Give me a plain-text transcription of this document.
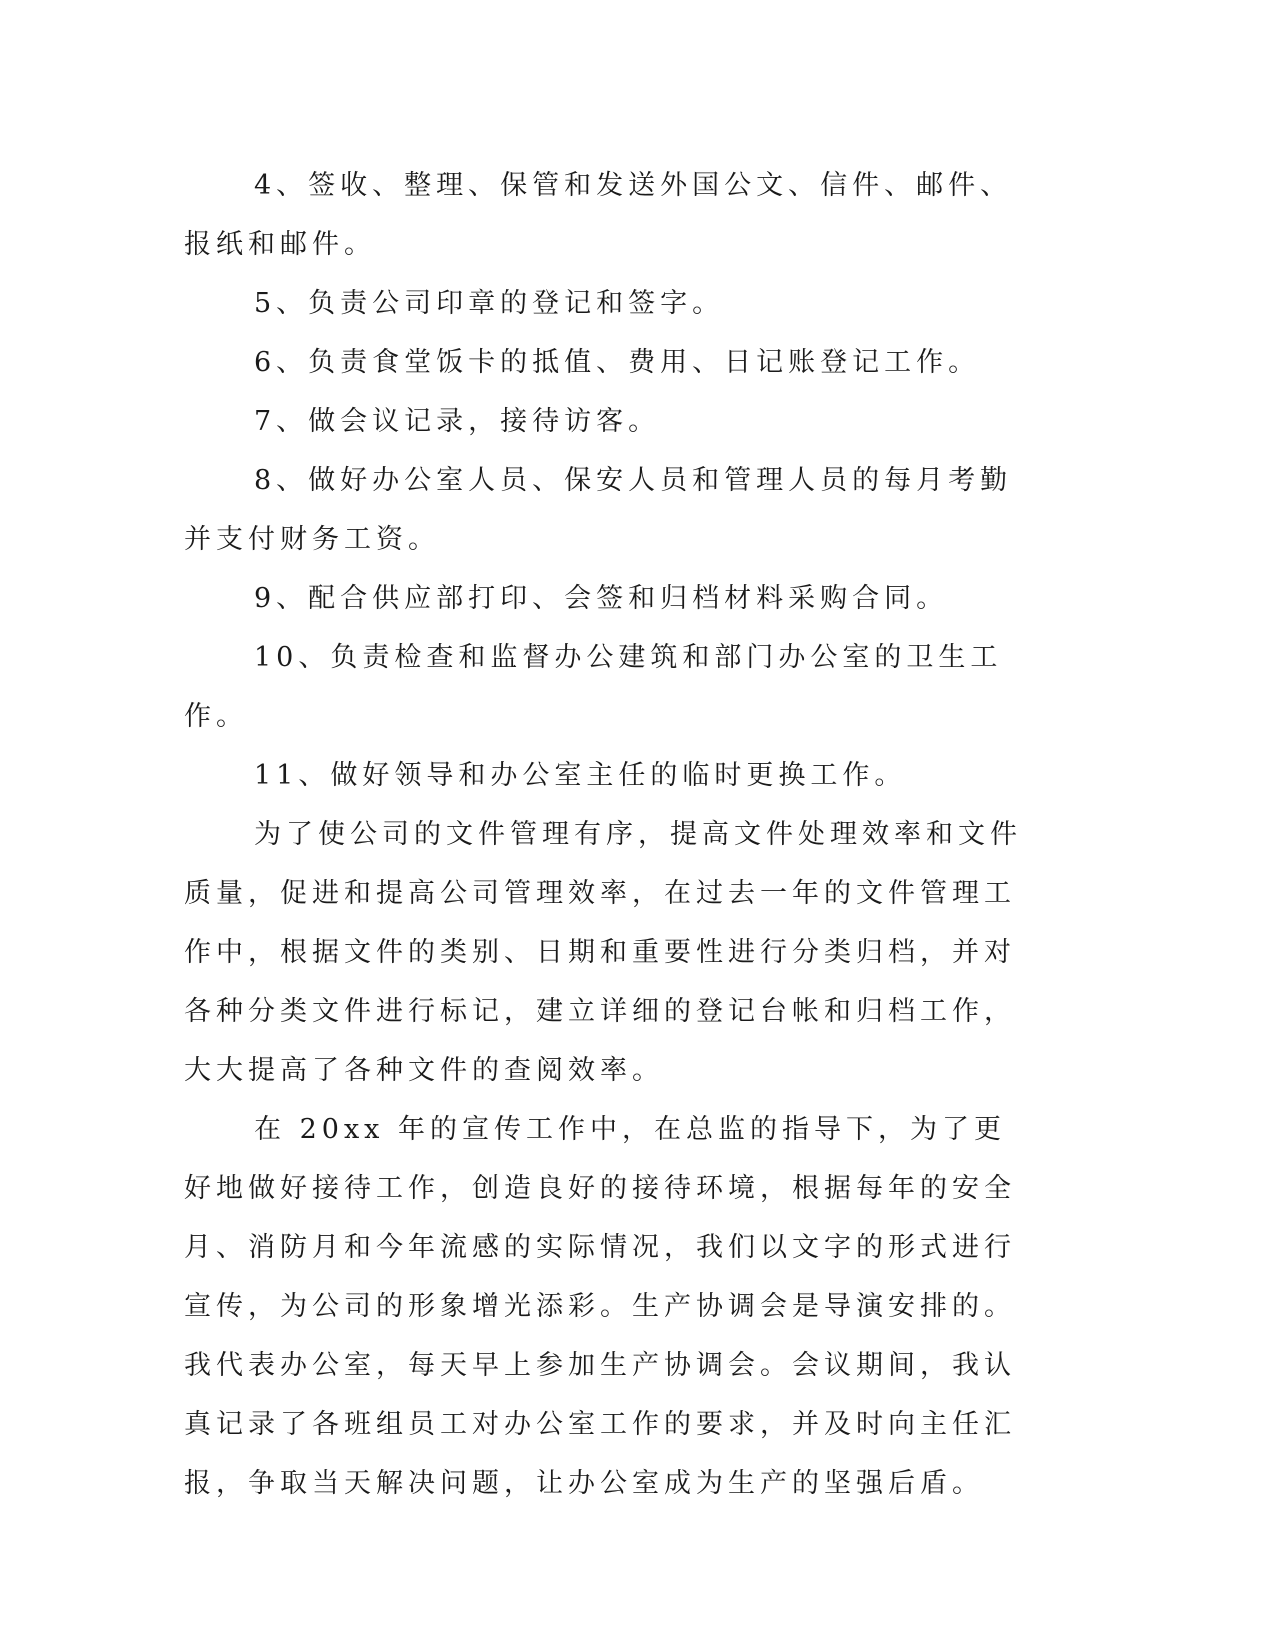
4、签收、整理、保管和发送外国公文、信件、邮件、报纸和邮件。

5、负责公司印章的登记和签字。

6、负责食堂饭卡的抵值、费用、日记账登记工作。

7、做会议记录，接待访客。

8、做好办公室人员、保安人员和管理人员的每月考勤并支付财务工资。

9、配合供应部打印、会签和归档材料采购合同。

10、负责检查和监督办公建筑和部门办公室的卫生工作。

11、做好领导和办公室主任的临时更换工作。

为了使公司的文件管理有序，提高文件处理效率和文件质量，促进和提高公司管理效率，在过去一年的文件管理工作中，根据文件的类别、日期和重要性进行分类归档，并对各种分类文件进行标记，建立详细的登记台帐和归档工作，大大提高了各种文件的查阅效率。

在 20xx 年的宣传工作中，在总监的指导下，为了更好地做好接待工作，创造良好的接待环境，根据每年的安全月、消防月和今年流感的实际情况，我们以文字的形式进行宣传，为公司的形象增光添彩。生产协调会是导演安排的。我代表办公室，每天早上参加生产协调会。会议期间，我认真记录了各班组员工对办公室工作的要求，并及时向主任汇报，争取当天解决问题，让办公室成为生产的坚强后盾。
